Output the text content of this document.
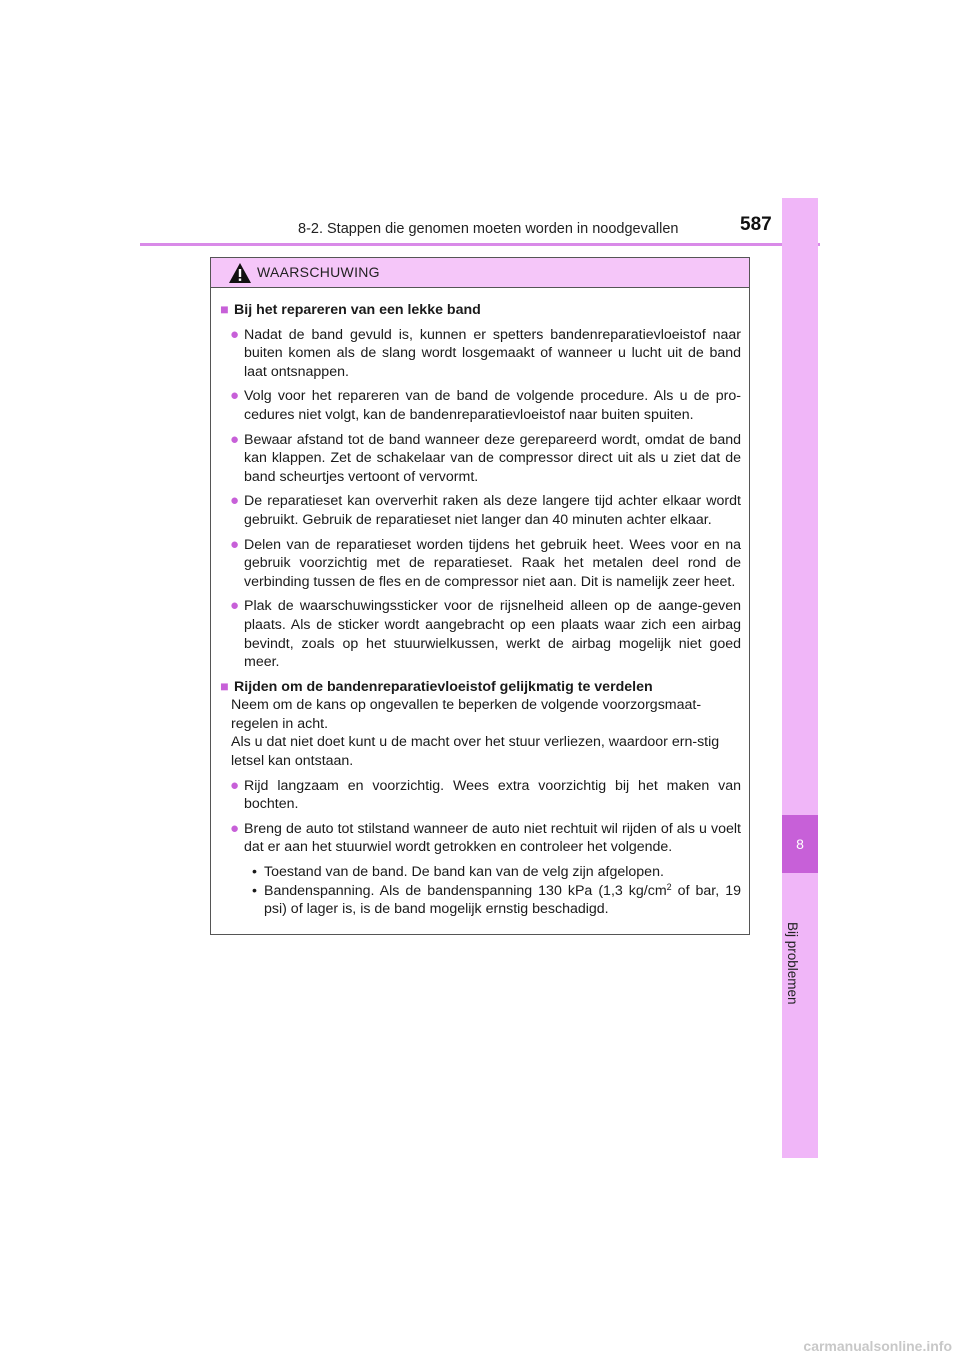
8-2. Stappen die genomen moeten worden in noodgevallen	587
8
Bij problemen
WAARSCHUWING
■ Bij het repareren van een lekke band
● Nadat de band gevuld is, kunnen er spetters bandenreparatievloeistof naar buiten komen als de slang wordt losgemaakt of wanneer u lucht uit de band laat ontsnappen.
● Volg voor het repareren van de band de volgende procedure. Als u de pro-cedures niet volgt, kan de bandenreparatievloeistof naar buiten spuiten.
● Bewaar afstand tot de band wanneer deze gerepareerd wordt, omdat de band kan klappen. Zet de schakelaar van de compressor direct uit als u ziet dat de band scheurtjes vertoont of vervormt.
● De reparatieset kan oververhit raken als deze langere tijd achter elkaar wordt gebruikt. Gebruik de reparatieset niet langer dan 40 minuten achter elkaar.
● Delen van de reparatieset worden tijdens het gebruik heet. Wees voor en na gebruik voorzichtig met de reparatieset. Raak het metalen deel rond de verbinding tussen de fles en de compressor niet aan. Dit is namelijk zeer heet.
● Plak de waarschuwingssticker voor de rijsnelheid alleen op de aange-geven plaats. Als de sticker wordt aangebracht op een plaats waar zich een airbag bevindt, zoals op het stuurwielkussen, werkt de airbag mogelijk niet goed meer.
■ Rijden om de bandenreparatievloeistof gelijkmatig te verdelen
Neem om de kans op ongevallen te beperken de volgende voorzorgsmaat-regelen in acht.
Als u dat niet doet kunt u de macht over het stuur verliezen, waardoor ern-stig letsel kan ontstaan.
● Rijd langzaam en voorzichtig. Wees extra voorzichtig bij het maken van bochten.
● Breng de auto tot stilstand wanneer de auto niet rechtuit wil rijden of als u voelt dat er aan het stuurwiel wordt getrokken en controleer het volgende.
• Toestand van de band. De band kan van de velg zijn afgelopen.
• Bandenspanning. Als de bandenspanning 130 kPa (1,3 $kg/cm^2$ of bar, 19 psi) of lager is, is de band mogelijk ernstig beschadigd.
carmanualsonline.info
